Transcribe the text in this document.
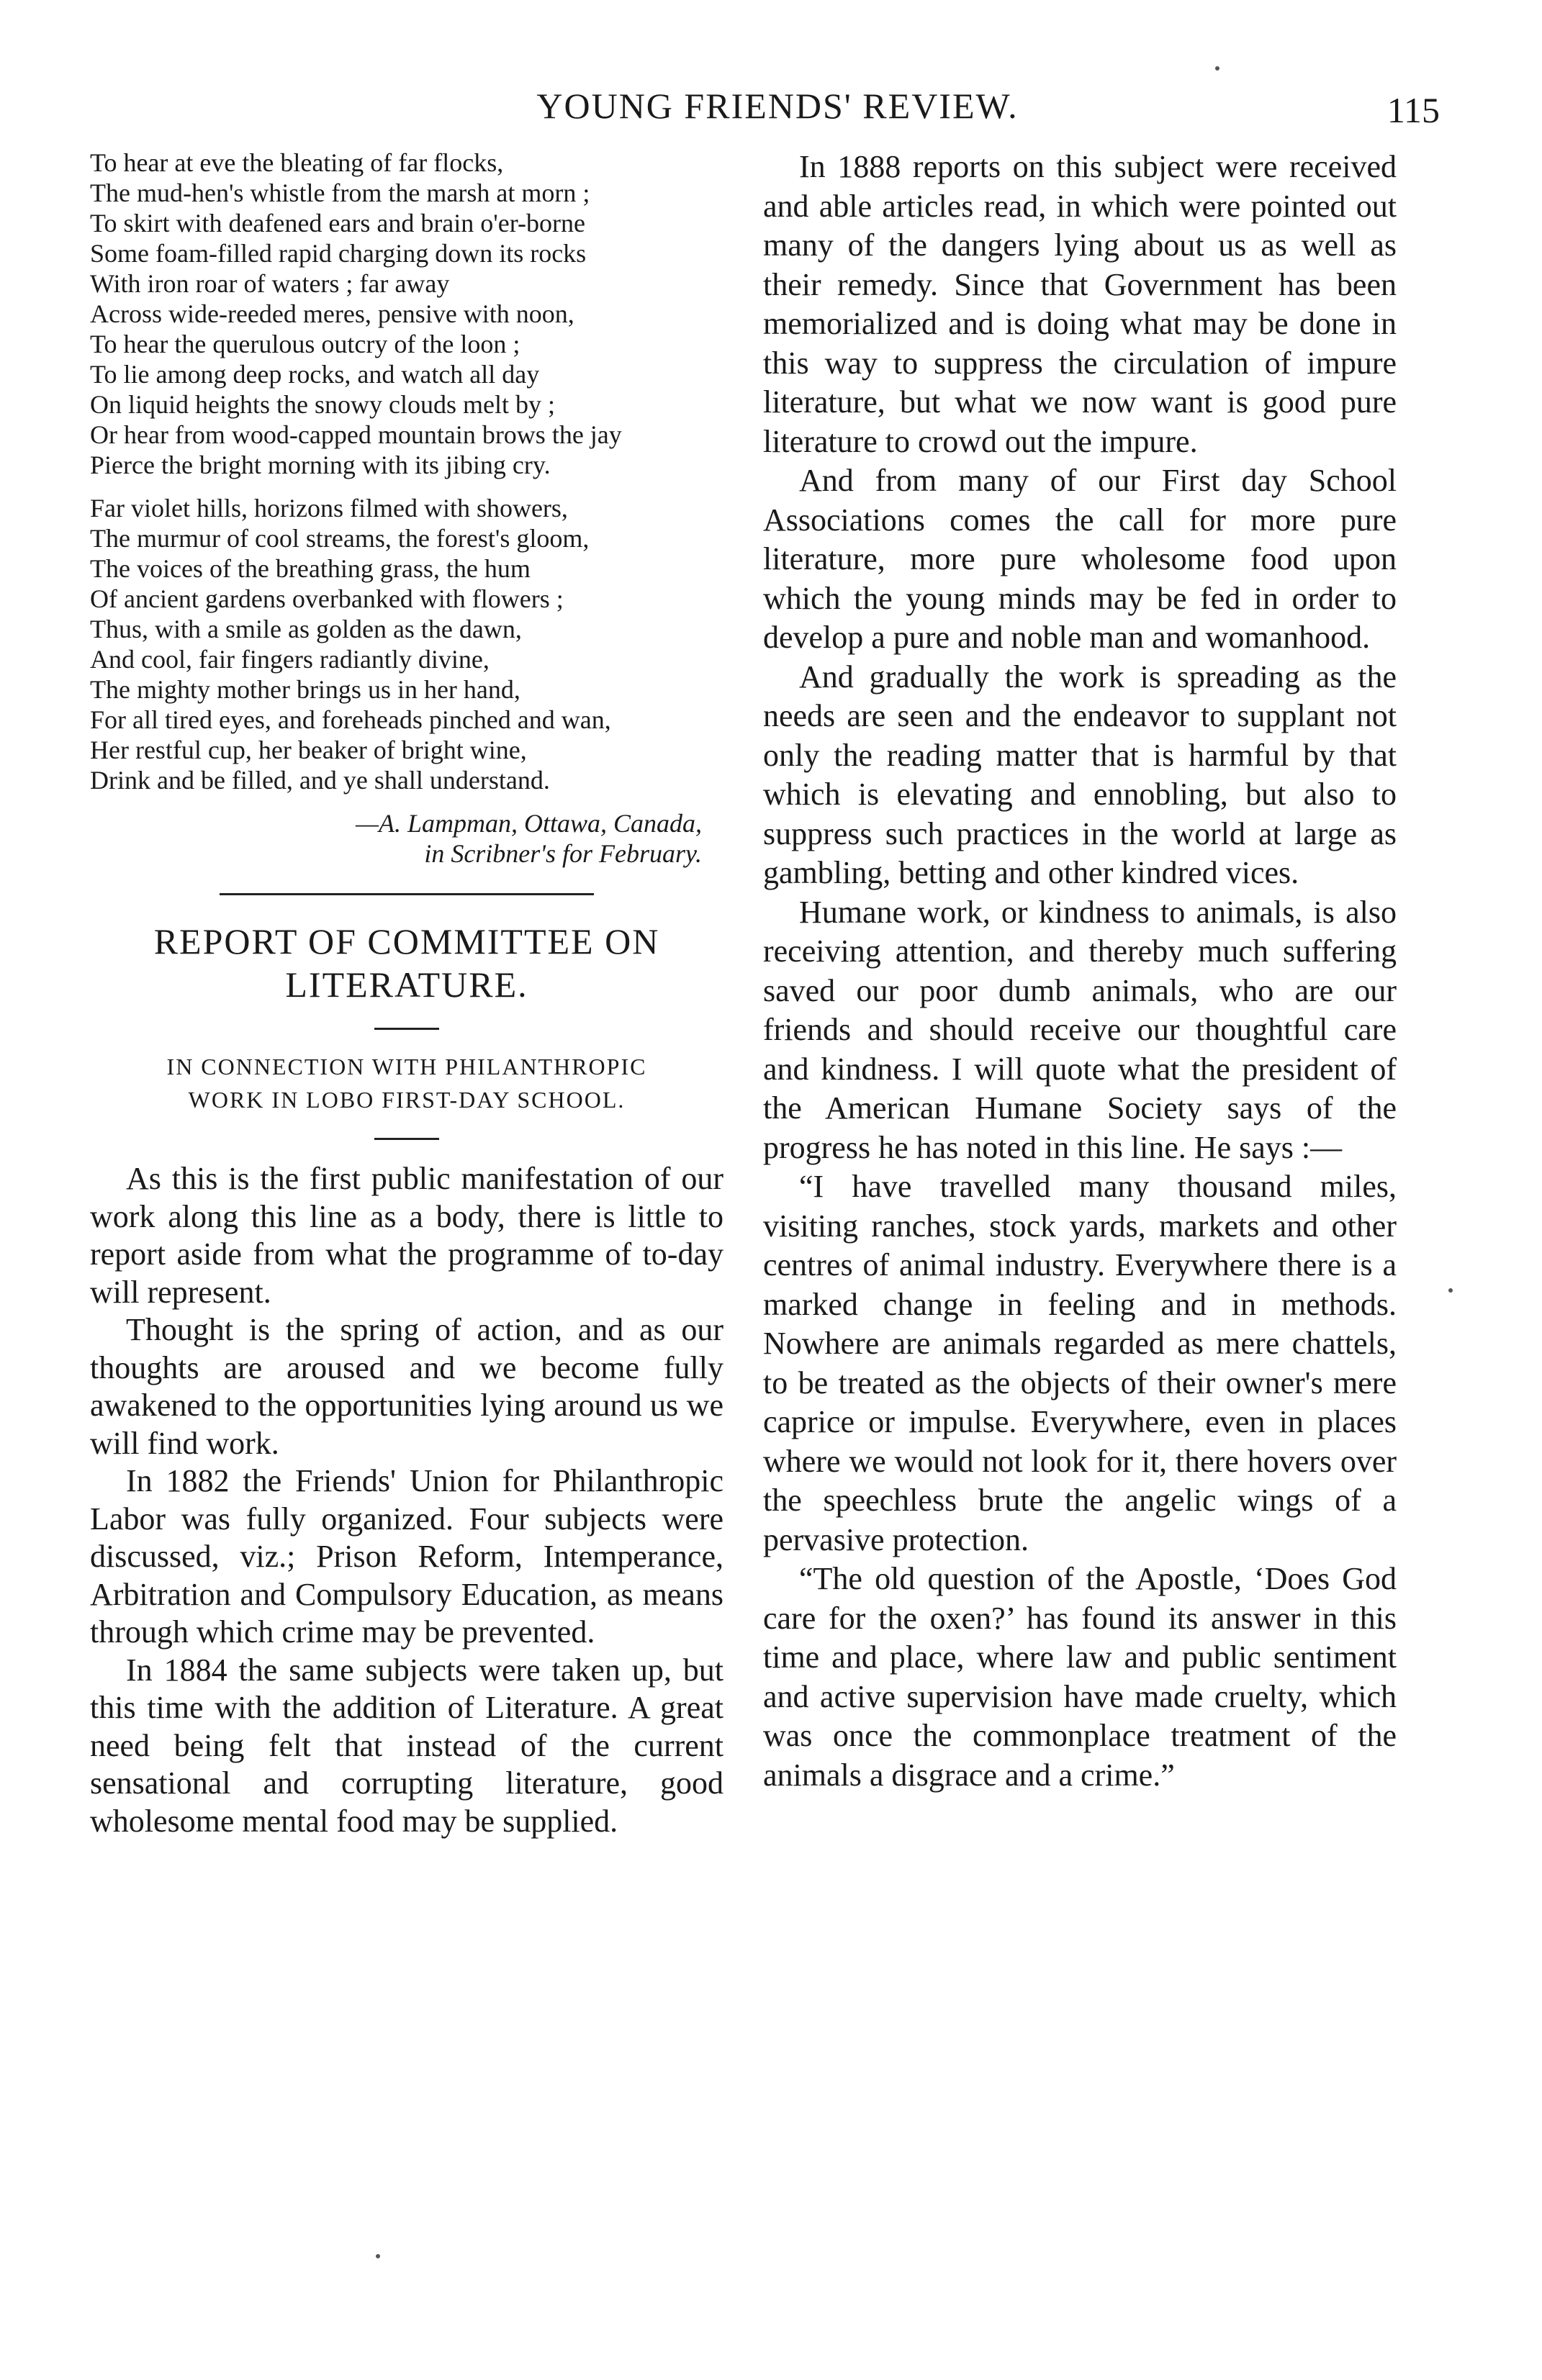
YOUNG FRIENDS' REVIEW.	115
To hear at eve the bleating of far flocks,
The mud-hen's whistle from the marsh at morn ;
To skirt with deafened ears and brain o'er-borne
Some foam-filled rapid charging down its rocks
With iron roar of waters ; far away
Across wide-reeded meres, pensive with noon,
To hear the querulous outcry of the loon ;
To lie among deep rocks, and watch all day
On liquid heights the snowy clouds melt by ;
Or hear from wood-capped mountain brows the jay
Pierce the bright morning with its jibing cry.
Far violet hills, horizons filmed with showers,
The murmur of cool streams, the forest's gloom,
The voices of the breathing grass, the hum
Of ancient gardens overbanked with flowers ;
Thus, with a smile as golden as the dawn,
And cool, fair fingers radiantly divine,
The mighty mother brings us in her hand,
For all tired eyes, and foreheads pinched and wan,
Her restful cup, her beaker of bright wine,
Drink and be filled, and ye shall understand.
—A. Lampman, Ottawa, Canada,
in Scribner's for February.
REPORT OF COMMITTEE ON LITERATURE.
IN CONNECTION WITH PHILANTHROPIC
WORK IN LOBO FIRST-DAY SCHOOL.

As this is the first public manifestation of our work along this line as a body, there is little to report aside from what the programme of to-day will represent.

Thought is the spring of action, and as our thoughts are aroused and we become fully awakened to the opportunities lying around us we will find work.

In 1882 the Friends' Union for Philanthropic Labor was fully organized. Four subjects were discussed, viz.; Prison Reform, Intemperance, Arbitration and Compulsory Education, as means through which crime may be prevented.

In 1884 the same subjects were taken up, but this time with the addition of Literature. A great need being felt that instead of the current sensational and corrupting literature, good wholesome mental food may be supplied.

In 1888 reports on this subject were received and able articles read, in which were pointed out many of the dangers lying about us as well as their remedy. Since that Government has been memorialized and is doing what may be done in this way to suppress the circulation of impure literature, but what we now want is good pure literature to crowd out the impure.

And from many of our First day School Associations comes the call for more pure literature, more pure wholesome food upon which the young minds may be fed in order to develop a pure and noble man and womanhood.

And gradually the work is spreading as the needs are seen and the endeavor to supplant not only the reading matter that is harmful by that which is elevating and ennobling, but also to suppress such practices in the world at large as gambling, betting and other kindred vices.

Humane work, or kindness to animals, is also receiving attention, and thereby much suffering saved our poor dumb animals, who are our friends and should receive our thoughtful care and kindness. I will quote what the president of the American Humane Society says of the progress he has noted in this line. He says :—

“I have travelled many thousand miles, visiting ranches, stock yards, markets and other centres of animal industry. Everywhere there is a marked change in feeling and in methods. Nowhere are animals regarded as mere chattels, to be treated as the objects of their owner's mere caprice or impulse. Everywhere, even in places where we would not look for it, there hovers over the speechless brute the angelic wings of a pervasive protection.

“The old question of the Apostle, ‘Does God care for the oxen?’ has found its answer in this time and place, where law and public sentiment and active supervision have made cruelty, which was once the commonplace treatment of the animals a disgrace and a crime.”
